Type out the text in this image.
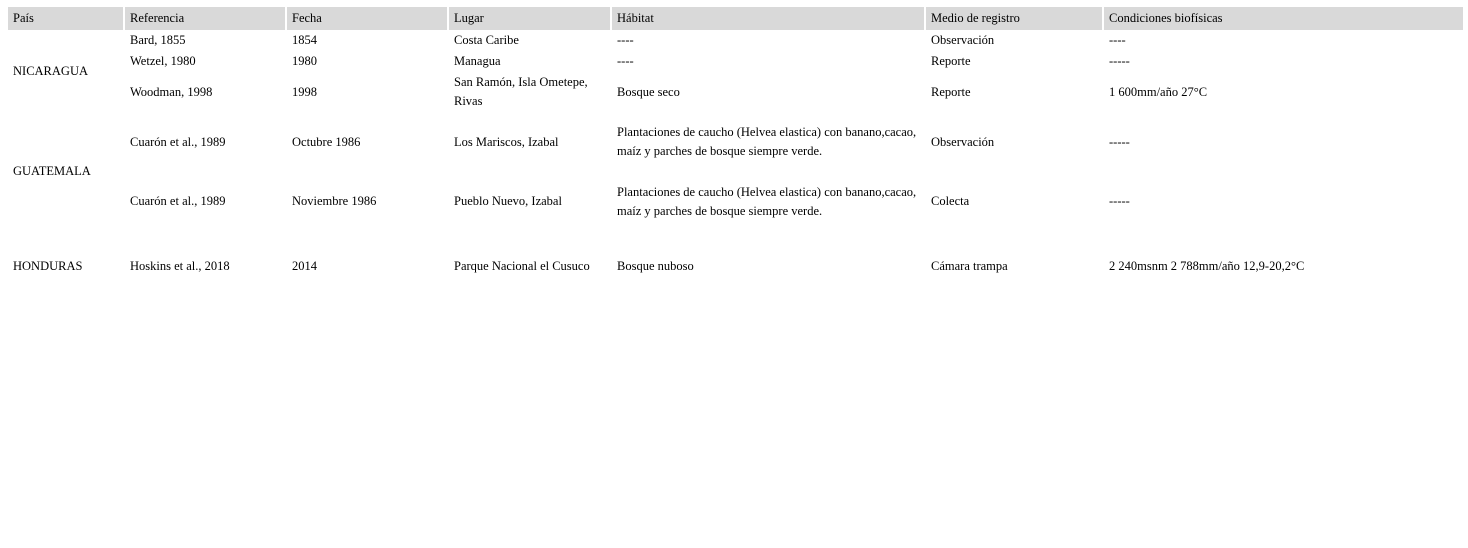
País	Referencia	Fecha	Lugar	Hábitat	Medio de registro	Condiciones biofísicas
NICARAGUA	Bard, 1855	1854	Costa Caribe	----	Observación	----
	Wetzel, 1980	1980	Managua	----	Reporte	-----
	Woodman, 1998	1998	San Ramón, Isla Ometepe, Rivas	Bosque seco	Reporte	1 600mm/año 27°C
GUATEMALA	Cuarón et al., 1989	Octubre 1986	Los Mariscos, Izabal	Plantaciones de caucho (Helvea elastica) con banano,cacao, maíz y parches de bosque siempre verde.	Observación	-----
	Cuarón et al., 1989	Noviembre 1986	Pueblo Nuevo, Izabal	Plantaciones de caucho (Helvea elastica) con banano,cacao, maíz y parches de bosque siempre verde.	Colecta	-----

HONDURAS	Hoskins et al., 2018	2014	Parque Nacional el Cusuco	Bosque nuboso	Cámara trampa	2 240msnm 2 788mm/año 12,9-20,2°C
